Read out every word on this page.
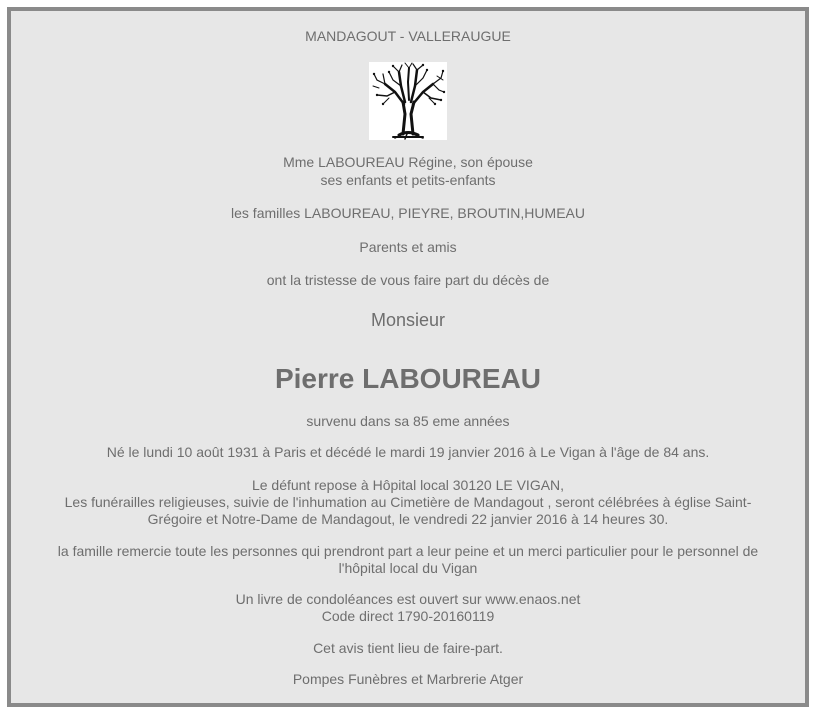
MANDAGOUT - VALLERAUGUE
Mme LABOUREAU Régine, son épouse
ses enfants et petits-enfants
les familles LABOUREAU, PIEYRE, BROUTIN,HUMEAU
Parents et amis
ont la tristesse de vous faire part du décès de
Monsieur
Pierre LABOUREAU
survenu dans sa 85 eme années
Né le lundi 10 août 1931 à Paris et décédé le mardi 19 janvier 2016 à Le Vigan à l'âge de 84 ans.
Le défunt repose à Hôpital local 30120 LE VIGAN,
Les funérailles religieuses, suivie de l'inhumation au Cimetière de Mandagout , seront célébrées à église Saint-
Grégoire et Notre-Dame de Mandagout, le vendredi 22 janvier 2016 à 14 heures 30.
la famille remercie toute les personnes qui prendront part a leur peine et un merci particulier pour le personnel de
l'hôpital local du Vigan
Un livre de condoléances est ouvert sur www.enaos.net
Code direct 1790-20160119
Cet avis tient lieu de faire-part.
Pompes Funèbres et Marbrerie Atger
